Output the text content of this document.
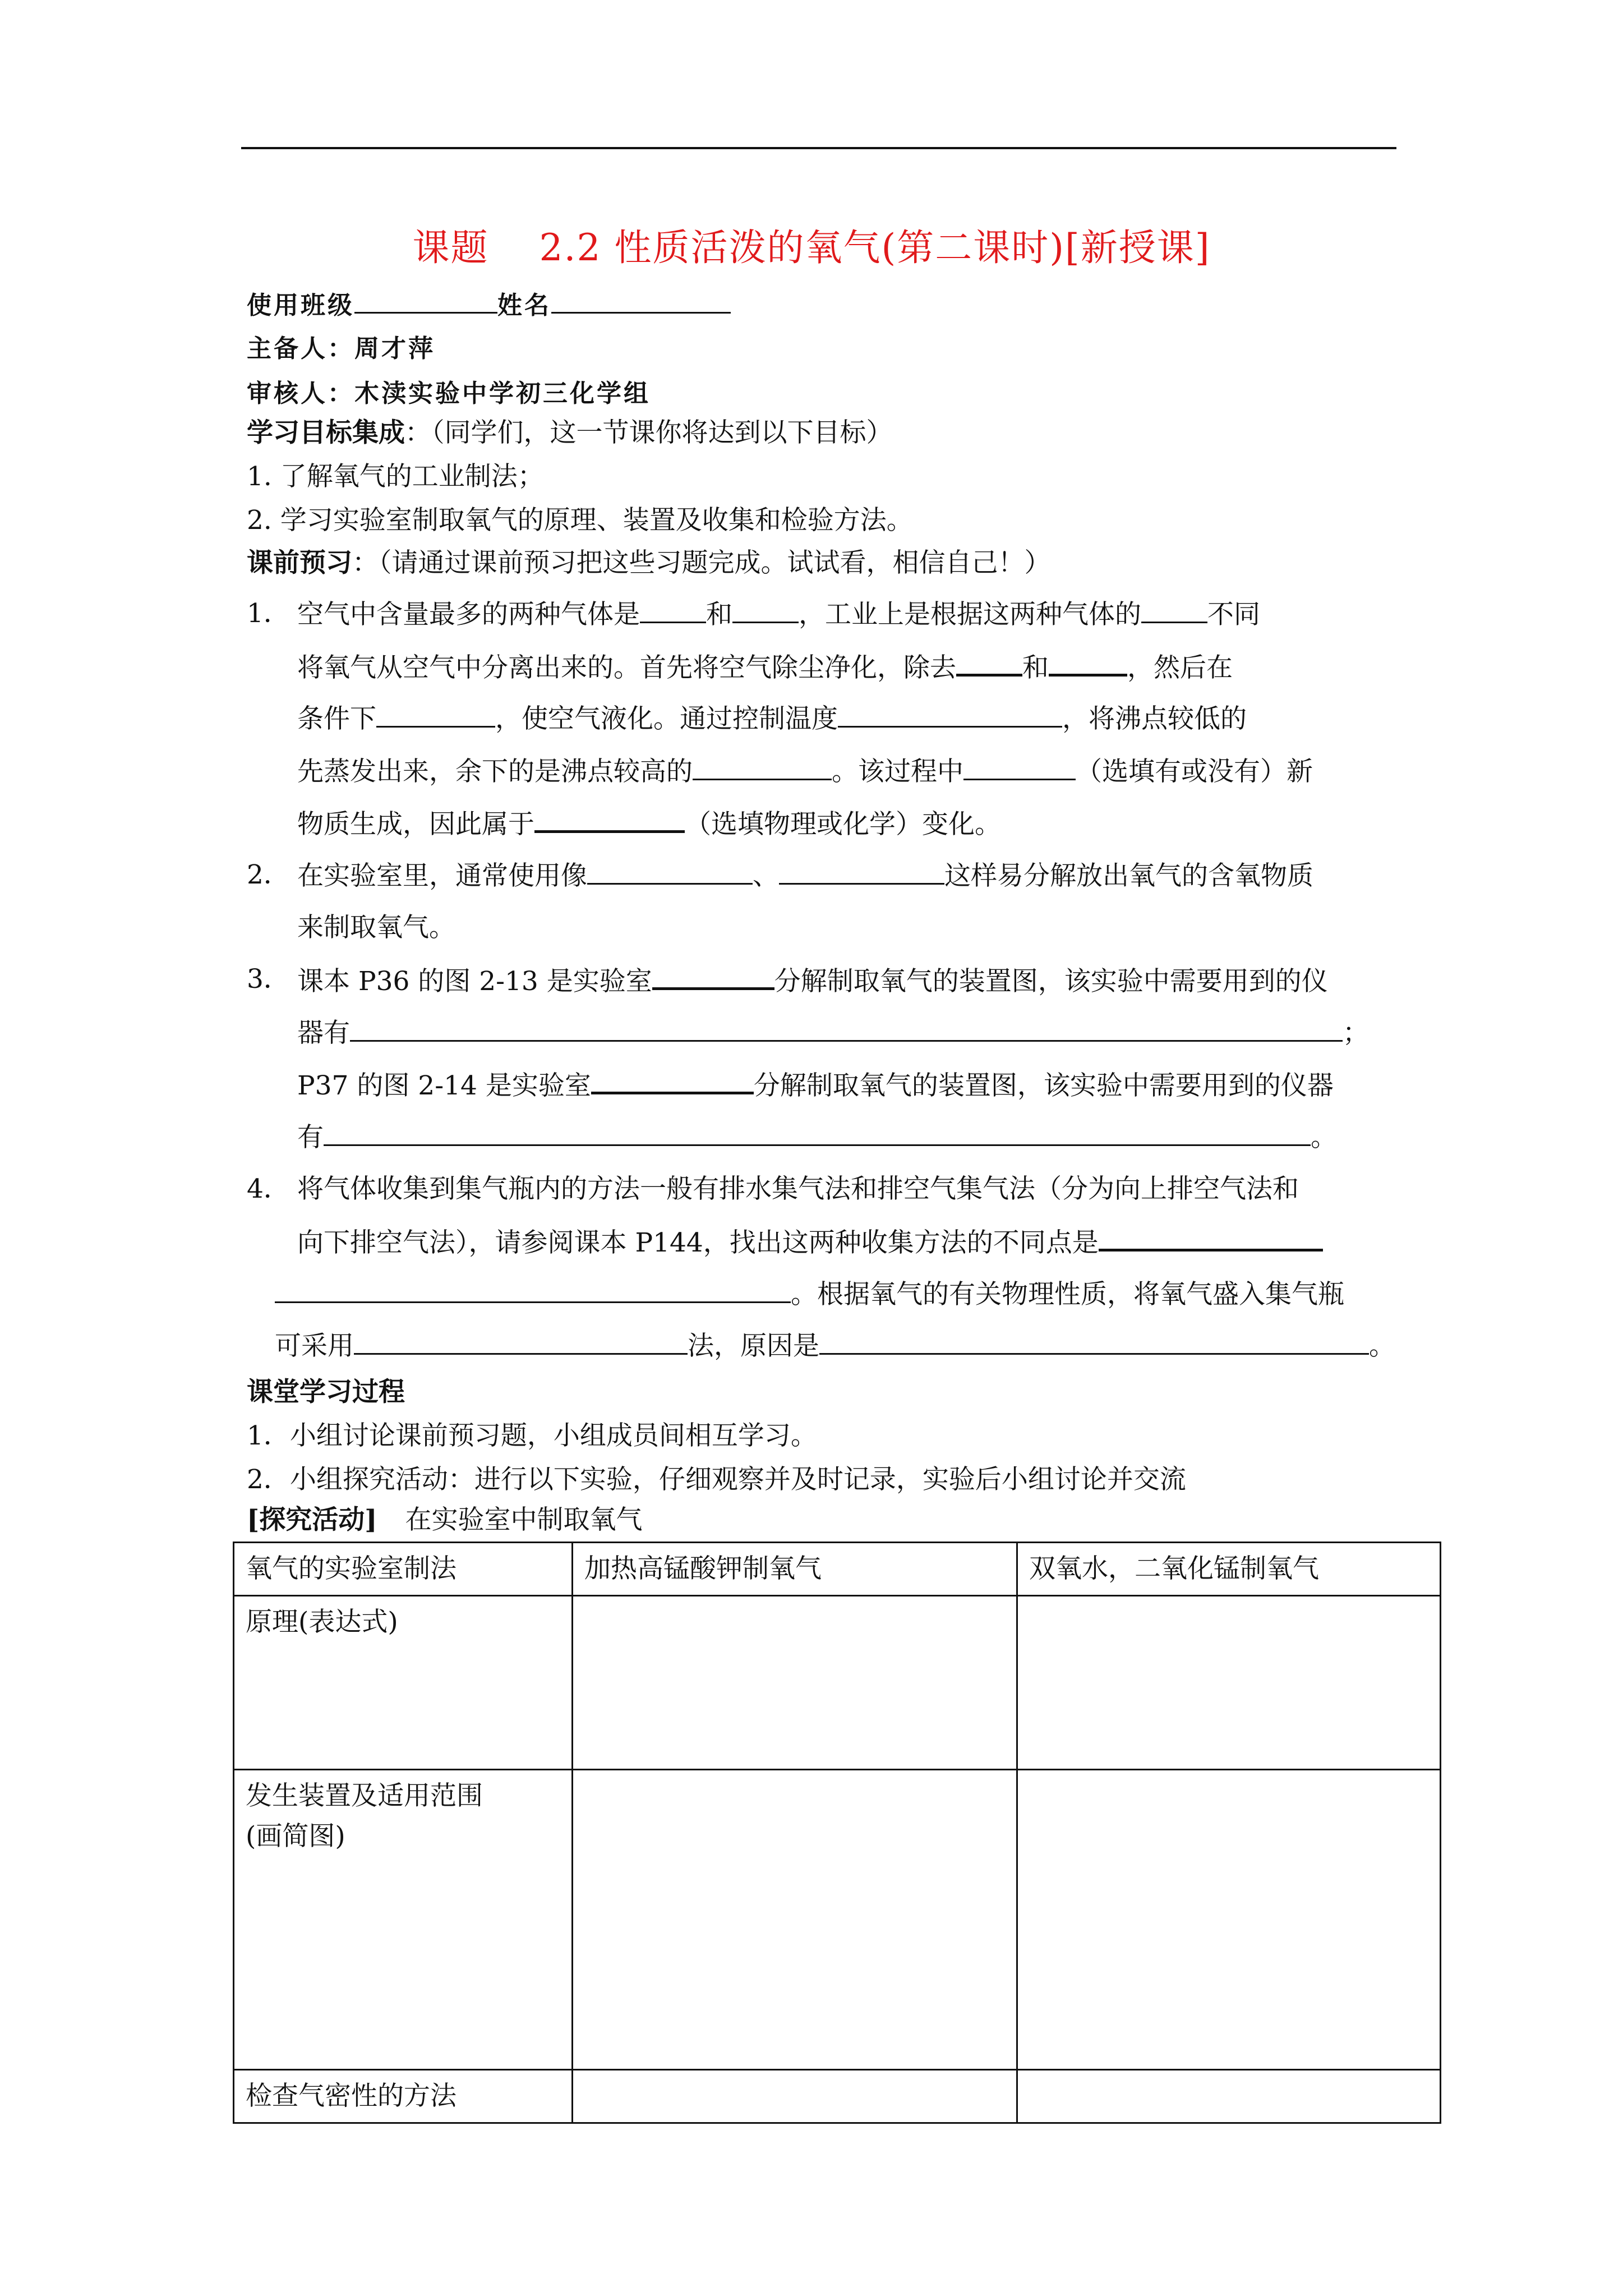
课题 2.2 性质活泼的氧气(第二课时)[新授课]
使用班级	姓名
主备人：周才萍
审核人：木渎实验中学初三化学组
学习目标集成：（同学们，这一节课你将达到以下目标）
1. 了解氧气的工业制法；
2. 学习实验室制取氧气的原理、装置及收集和检验方法。
课前预习：（请通过课前预习把这些习题完成。试试看，相信自己！）
1． 空气中含量最多的两种气体是	和	，工业上是根据这两种气体的	不同
将氧气从空气中分离出来的。首先将空气除尘净化，除去	和	，然后在
条件下	，使空气液化。通过控制温度	，将沸点较低的
先蒸发出来，余下的是沸点较高的	。该过程中	（选填有或没有）新
物质生成，因此属于	（选填物理或化学）变化。
2． 在实验室里，通常使用像	、	这样易分解放出氧气的含氧物质
来制取氧气。
3． 课本 P36 的图 2-13 是实验室	分解制取氧气的装置图，该实验中需要用到的仪
器有	；
P37 的图 2-14 是实验室	分解制取氧气的装置图，该实验中需要用到的仪器
有	。
4． 将气体收集到集气瓶内的方法一般有排水集气法和排空气集气法（分为向上排空气法和
向下排空气法），请参阅课本 P144，找出这两种收集方法的不同点是
。根据氧气的有关物理性质，将氧气盛入集气瓶
可采用	法，原因是	。
课堂学习过程
1．小组讨论课前预习题，小组成员间相互学习。
2．小组探究活动：进行以下实验，仔细观察并及时记录，实验后小组讨论并交流
[探究活动] 在实验室中制取氧气
氧气的实验室制法	加热高锰酸钾制氧气	双氧水，二氧化锰制氧气

原理(表达式)		

发生装置及适用范围
(画简图)		

检查气密性的方法		
